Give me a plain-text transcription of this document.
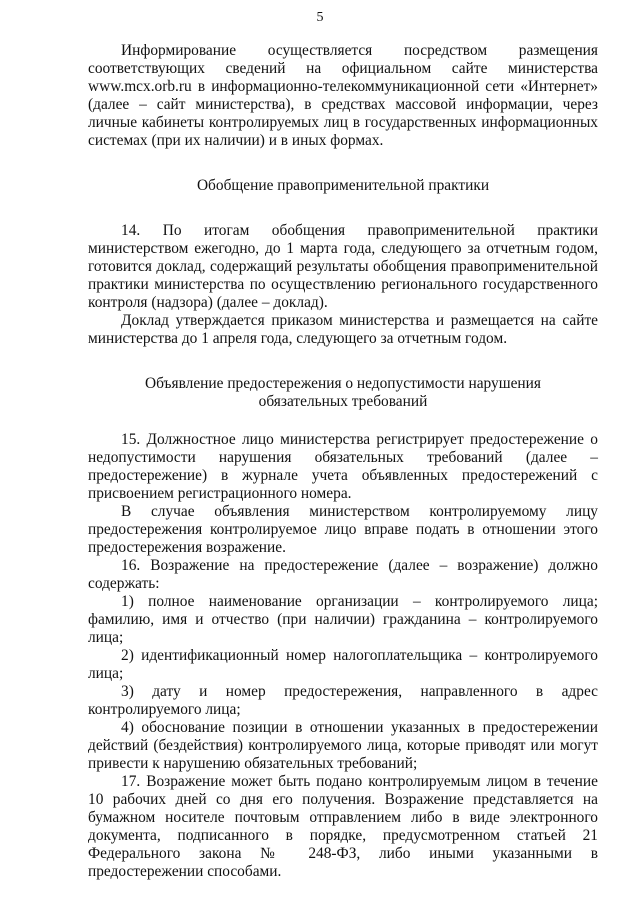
5

Информирование осуществляется посредством размещения соответствующих сведений на официальном сайте министерства www.mcx.orb.ru в информационно-телекоммуникационной сети «Интернет» (далее – сайт министерства), в средствах массовой информации, через личные кабинеты контролируемых лиц в государственных информационных системах (при их наличии) и в иных формах.

Обобщение правоприменительной практики

14. По итогам обобщения правоприменительной практики министерством ежегодно, до 1 марта года, следующего за отчетным годом, готовится доклад, содержащий результаты обобщения правоприменительной практики министерства по осуществлению регионального государственного контроля (надзора) (далее – доклад).

Доклад утверждается приказом министерства и размещается на сайте министерства до 1 апреля года, следующего за отчетным годом.

Объявление предостережения о недопустимости нарушения
обязательных требований

15. Должностное лицо министерства регистрирует предостережение о недопустимости нарушения обязательных требований (далее – предостережение) в журнале учета объявленных предостережений с присвоением регистрационного номера.

В случае объявления министерством контролируемому лицу предостережения контролируемое лицо вправе подать в отношении этого предостережения возражение.

16. Возражение на предостережение (далее – возражение) должно содержать:

1) полное наименование организации – контролируемого лица; фамилию, имя и отчество (при наличии) гражданина – контролируемого лица;

2) идентификационный номер налогоплательщика – контролируемого лица;

3) дату и номер предостережения, направленного в адрес контролируемого лица;

4) обоснование позиции в отношении указанных в предостережении действий (бездействия) контролируемого лица, которые приводят или могут привести к нарушению обязательных требований;

17. Возражение может быть подано контролируемым лицом в течение 10 рабочих дней со дня его получения. Возражение представляется на бумажном носителе почтовым отправлением либо в виде электронного документа, подписанного в порядке, предусмотренном статьей 21 Федерального закона № 248-ФЗ, либо иными указанными в предостережении способами.
